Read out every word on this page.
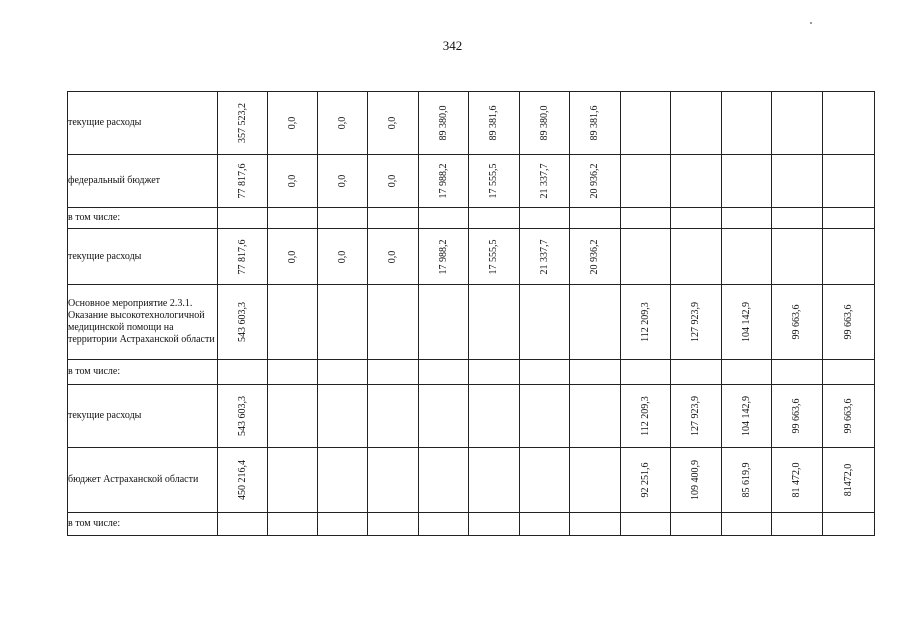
342
текущие расходы	357 523,2	0,0	0,0	0,0	89 380,0	89 381,6	89 380,0	89 381,6						

федеральный бюджет	77 817,6	0,0	0,0	0,0	17 988,2	17 555,5	21 337,7	20 936,2						

в том числе:	

текущие расходы	77 817,6	0,0	0,0	0,0	17 988,2	17 555,5	21 337,7	20 936,2						

Основное мероприятие 2.3.1. Оказание высокотехнологичной медицинской помощи на территории Астраханской области	543 603,3								112 209,3	127 923,9	104 142,9	99 663,6	99 663,6	

в том числе:	

текущие расходы	543 603,3								112 209,3	127 923,9	104 142,9	99 663,6	99 663,6	

бюджет Астраханской области	450 216,4								92 251,6	109 400,9	85 619,9	81 472,0	81472,0	

в том числе:	
